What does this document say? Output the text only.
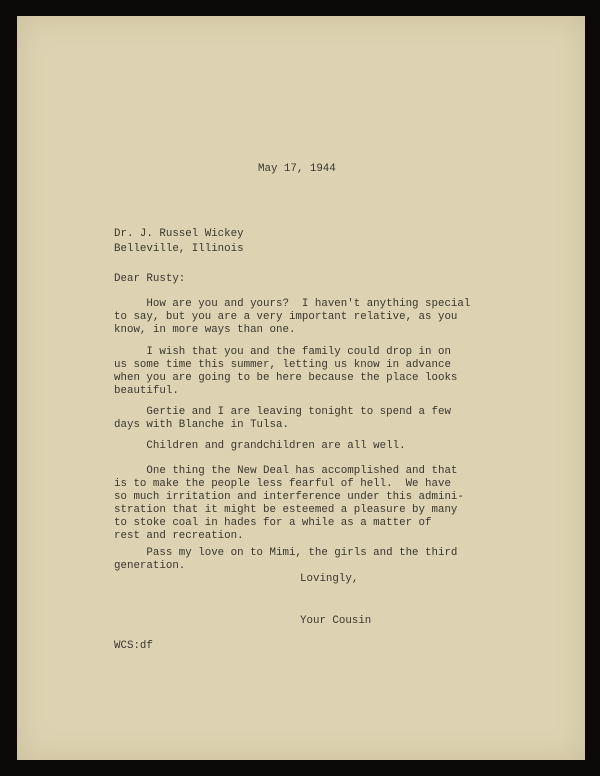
May 17, 1944
Dr. J. Russel Wickey
Belleville, Illinois
Dear Rusty:

How are you and yours?  I haven't anything special

to say, but you are a very important relative, as you

know, in more ways than one.

I wish that you and the family could drop in on

us some time this summer, letting us know in advance

when you are going to be here because the place looks

beautiful.

Gertie and I are leaving tonight to spend a few

days with Blanche in Tulsa.

Children and grandchildren are all well.

One thing the New Deal has accomplished and that

is to make the people less fearful of hell.  We have

so much irritation and interference under this admini-

stration that it might be esteemed a pleasure by many

to stoke coal in hades for a while as a matter of

rest and recreation.

Pass my love on to Mimi, the girls and the third

generation.

Lovingly,
Your Cousin
WCS:df
